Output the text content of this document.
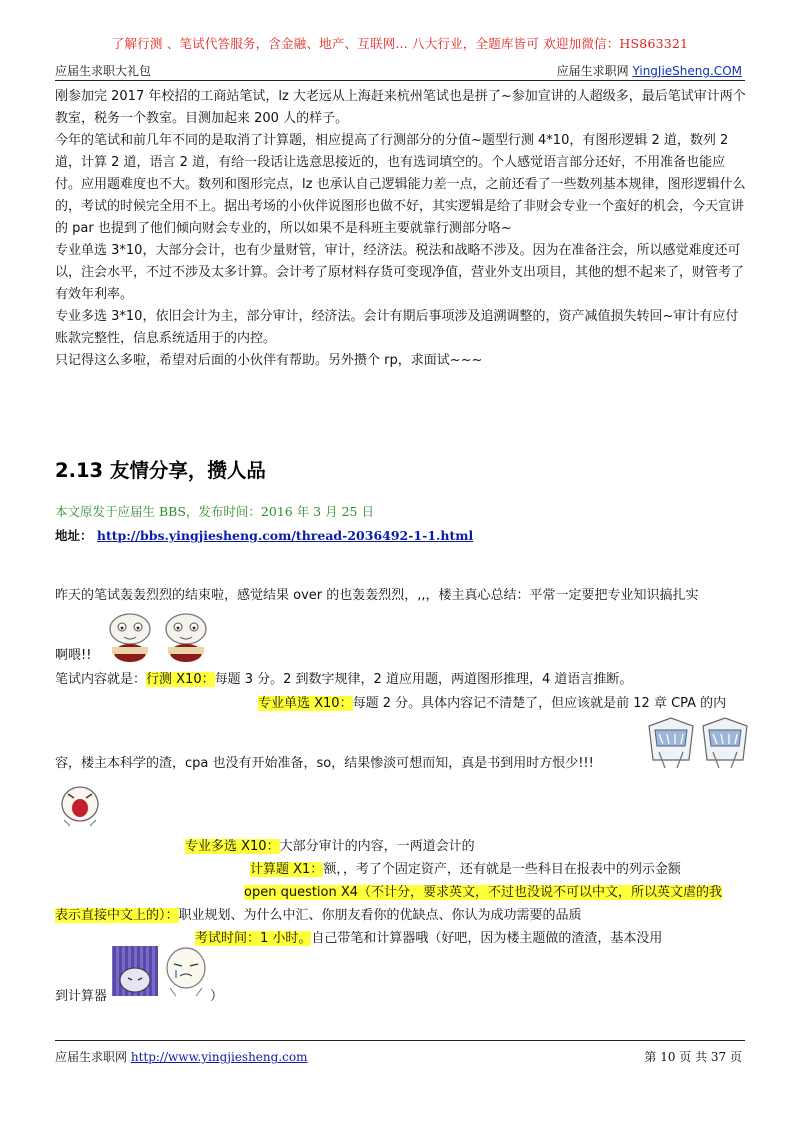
了解行测 、笔试代答服务，含金融、地产、互联网... 八大行业，全题库皆可 欢迎加微信：HS863321
应届生求职大礼包	应届生求职网 YingJieSheng.COM
刚参加完 2017 年校招的工商站笔试，lz 大老远从上海赶来杭州笔试也是拼了~参加宣讲的人超级多，最后笔试审计两个教室，税务一个教室。目测加起来 200 人的样子。
今年的笔试和前几年不同的是取消了计算题，相应提高了行测部分的分值~题型行测 4*10，有图形逻辑 2 道，数列 2 道，计算 2 道，语言 2 道，有给一段话让选意思接近的，也有选词填空的。个人感觉语言部分还好，不用准备也能应付。应用题难度也不大。数列和图形完点，lz 也承认自己逻辑能力差一点，之前还看了一些数列基本规律，图形逻辑什么的，考试的时候完全用不上。据出考场的小伙伴说图形也做不好，其实逻辑是给了非财会专业一个蛮好的机会，今天宣讲的 par 也提到了他们倾向财会专业的，所以如果不是科班主要就靠行测部分咯~
专业单选 3*10，大部分会计，也有少量财管，审计，经济法。税法和战略不涉及。因为在准备注会，所以感觉难度还可以，注会水平，不过不涉及太多计算。会计考了原材料存货可变现净值，营业外支出项目，其他的想不起来了，财管考了有效年利率。
专业多选 3*10，依旧会计为主，部分审计，经济法。会计有期后事项涉及追溯调整的，资产减值损失转回~审计有应付账款完整性，信息系统适用于的内控。
只记得这么多啦，希望对后面的小伙伴有帮助。另外攒个 rp，求面试~~~
2.13 友情分享，攒人品
本文原发于应届生 BBS，发布时间：2016 年 3 月 25 日
地址： http://bbs.yingjiesheng.com/thread-2036492-1-1.html
昨天的笔试轰轰烈烈的结束啦，感觉结果 over 的也轰轰烈烈，,,，楼主真心总结：平常一定要把专业知识搞扎实
啊喂!!
笔试内容就是：行测 X10：每题 3 分。2 到数字规律，2 道应用题，两道图形推理，4 道语言推断。
专业单选 X10：每题 2 分。具体内容记不清楚了，但应该就是前 12 章 CPA 的内
容，楼主本科学的渣，cpa 也没有开始准备，so，结果惨淡可想而知，真是书到用时方恨少!!!
专业多选 X10：大部分审计的内容，一两道会计的
计算题 X1：额，，考了个固定资产，还有就是一些科目在报表中的列示金额
open question X4（不计分，要求英文，不过也没说不可以中文，所以英文虐的我
表示直接中文上的）：职业规划、为什么中汇、你朋友看你的优缺点、你认为成功需要的品质
考试时间：1 小时。自己带笔和计算器哦（好吧，因为楼主题做的渣渣，基本没用
到计算器	）
应届生求职网 http://www.yingjiesheng.com	第 10 页 共 37 页
